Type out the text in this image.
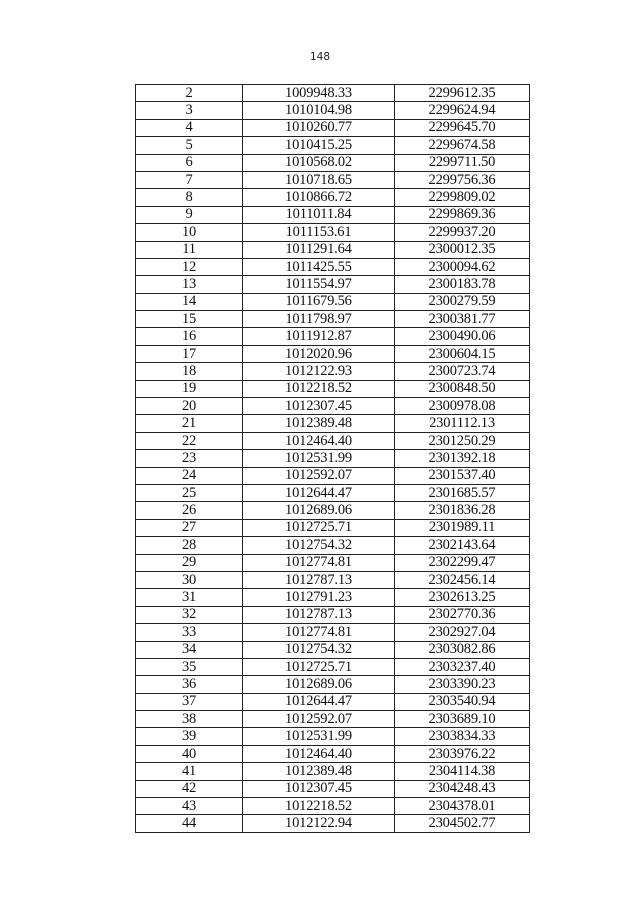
148
2	1009948.33	2299612.35
3	1010104.98	2299624.94
4	1010260.77	2299645.70
5	1010415.25	2299674.58
6	1010568.02	2299711.50
7	1010718.65	2299756.36
8	1010866.72	2299809.02
9	1011011.84	2299869.36
10	1011153.61	2299937.20
11	1011291.64	2300012.35
12	1011425.55	2300094.62
13	1011554.97	2300183.78
14	1011679.56	2300279.59
15	1011798.97	2300381.77
16	1011912.87	2300490.06
17	1012020.96	2300604.15
18	1012122.93	2300723.74
19	1012218.52	2300848.50
20	1012307.45	2300978.08
21	1012389.48	2301112.13
22	1012464.40	2301250.29
23	1012531.99	2301392.18
24	1012592.07	2301537.40
25	1012644.47	2301685.57
26	1012689.06	2301836.28
27	1012725.71	2301989.11
28	1012754.32	2302143.64
29	1012774.81	2302299.47
30	1012787.13	2302456.14
31	1012791.23	2302613.25
32	1012787.13	2302770.36
33	1012774.81	2302927.04
34	1012754.32	2303082.86
35	1012725.71	2303237.40
36	1012689.06	2303390.23
37	1012644.47	2303540.94
38	1012592.07	2303689.10
39	1012531.99	2303834.33
40	1012464.40	2303976.22
41	1012389.48	2304114.38
42	1012307.45	2304248.43
43	1012218.52	2304378.01
44	1012122.94	2304502.77
